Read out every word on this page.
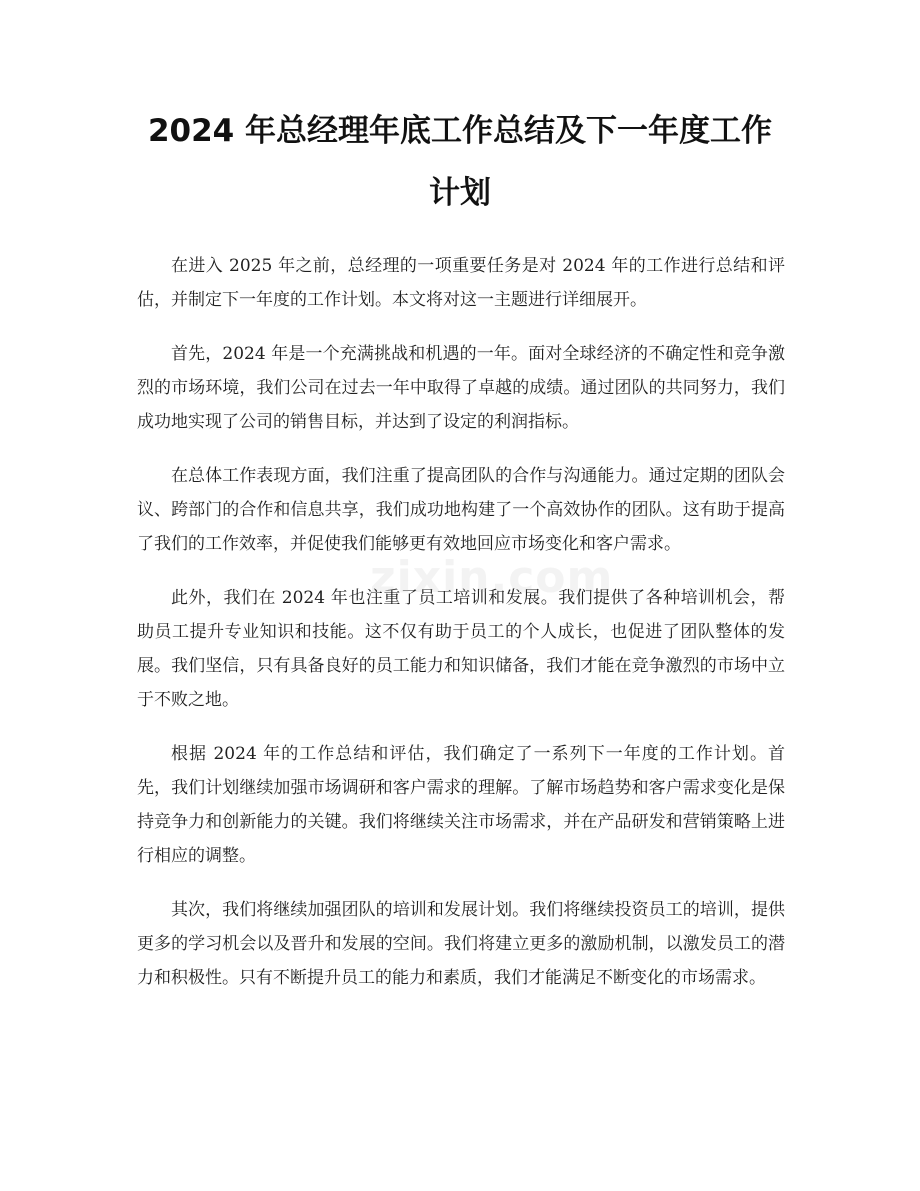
2024 年总经理年底工作总结及下一年度工作
计划

在进入 2025 年之前，总经理的一项重要任务是对 2024 年的工作进行总结和评估，并制定下一年度的工作计划。本文将对这一主题进行详细展开。

首先，2024 年是一个充满挑战和机遇的一年。面对全球经济的不确定性和竞争激烈的市场环境，我们公司在过去一年中取得了卓越的成绩。通过团队的共同努力，我们成功地实现了公司的销售目标，并达到了设定的利润指标。

在总体工作表现方面，我们注重了提高团队的合作与沟通能力。通过定期的团队会议、跨部门的合作和信息共享，我们成功地构建了一个高效协作的团队。这有助于提高了我们的工作效率，并促使我们能够更有效地回应市场变化和客户需求。

此外，我们在 2024 年也注重了员工培训和发展。我们提供了各种培训机会，帮助员工提升专业知识和技能。这不仅有助于员工的个人成长，也促进了团队整体的发展。我们坚信，只有具备良好的员工能力和知识储备，我们才能在竞争激烈的市场中立于不败之地。

根据 2024 年的工作总结和评估，我们确定了一系列下一年度的工作计划。首先，我们计划继续加强市场调研和客户需求的理解。了解市场趋势和客户需求变化是保持竞争力和创新能力的关键。我们将继续关注市场需求，并在产品研发和营销策略上进行相应的调整。

其次，我们将继续加强团队的培训和发展计划。我们将继续投资员工的培训，提供更多的学习机会以及晋升和发展的空间。我们将建立更多的激励机制，以激发员工的潜力和积极性。只有不断提升员工的能力和素质，我们才能满足不断变化的市场需求。

zixin.com
